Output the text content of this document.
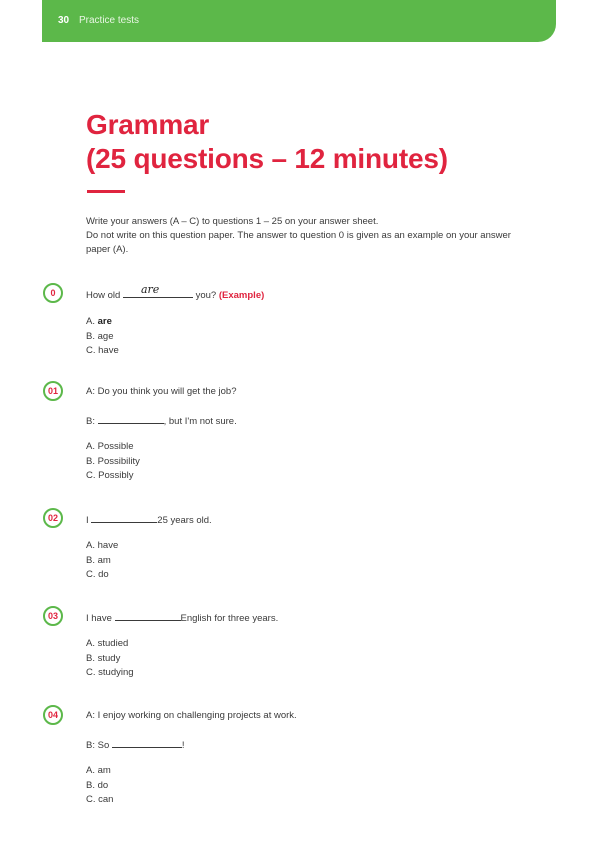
30 Practice tests
Grammar
(25 questions – 12 minutes)

Write your answers (A – C) to questions 1 – 25 on your answer sheet.

Do not write on this question paper. The answer to question 0 is given as an example on your answer paper (A).

0	How old are	you? (Example)
A. are
B. age
C. have
01	A: Do you think you will get the job?
B:	, but I'm not sure.
A. Possible
B. Possibility
C. Possibly
02	I	25 years old.
A. have
B. am
C. do
03	I have	English for three years.
A. studied
B. study
C. studying
04	A: I enjoy working on challenging projects at work.
B: So	!
A. am
B. do
C. can
